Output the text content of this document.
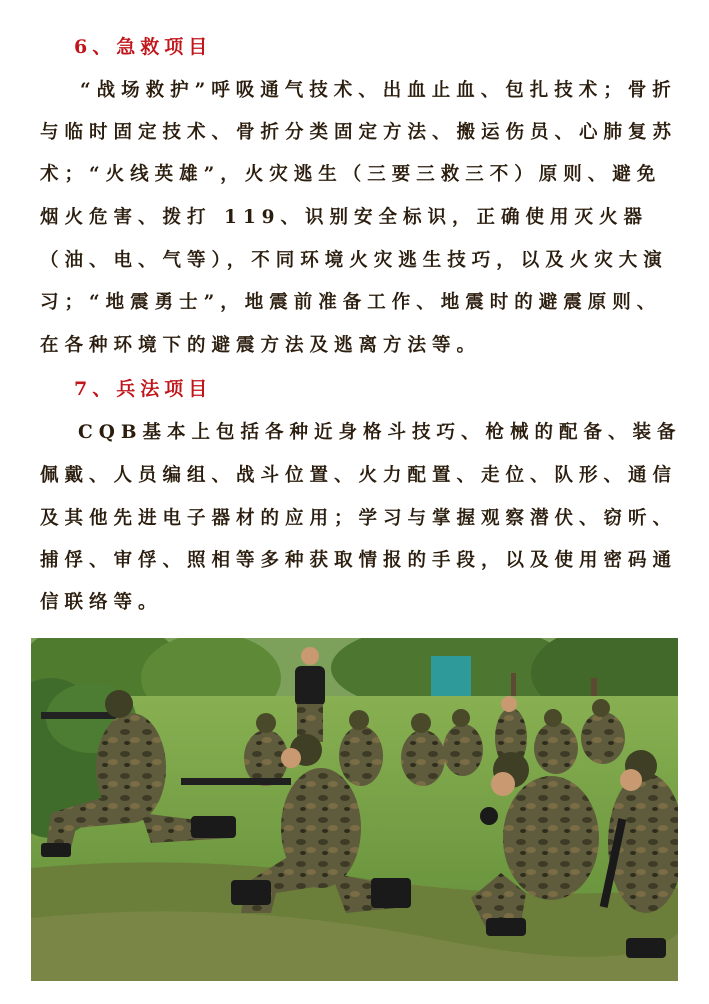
6、急救项目
“战场救护”呼吸通气技术、出血止血、包扎技术；骨折
与临时固定技术、骨折分类固定方法、搬运伤员、心肺复苏
术；“火线英雄”，火灾逃生（三要三救三不）原则、避免
烟火危害、拨打 119、识别安全标识，正确使用灭火器
（油、电、气等），不同环境火灾逃生技巧，以及火灾大演
习；“地震勇士”，地震前准备工作、地震时的避震原则、
在各种环境下的避震方法及逃离方法等。
7、兵法项目
CQB基本上包括各种近身格斗技巧、枪械的配备、装备
佩戴、人员编组、战斗位置、火力配置、走位、队形、通信
及其他先进电子器材的应用；学习与掌握观察潜伏、窃听、
捕俘、审俘、照相等多种获取情报的手段，以及使用密码通
信联络等。
